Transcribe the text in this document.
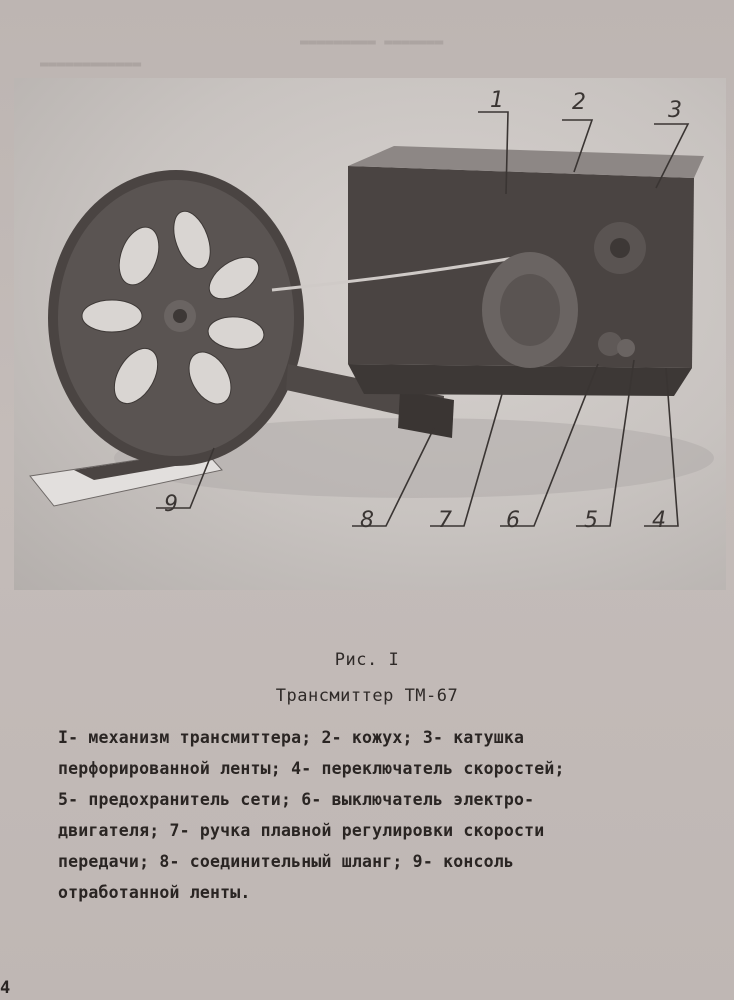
▬▬▬▬▬▬▬▬▬ ▬▬▬▬▬▬▬
▬▬▬▬▬▬▬▬▬▬▬▬
1	2	3
4
5
6
7
8
9
Рис. I
Трансмиттер ТМ-67
I- механизм трансмиттера; 2- кожух; 3- катушка
перфорированной ленты; 4- переключатель скоростей;
5- предохранитель сети; 6- выключатель электро-
двигателя; 7- ручка плавной регулировки скорости
передачи; 8- соединительный шланг; 9- консоль
отработанной ленты.
4
